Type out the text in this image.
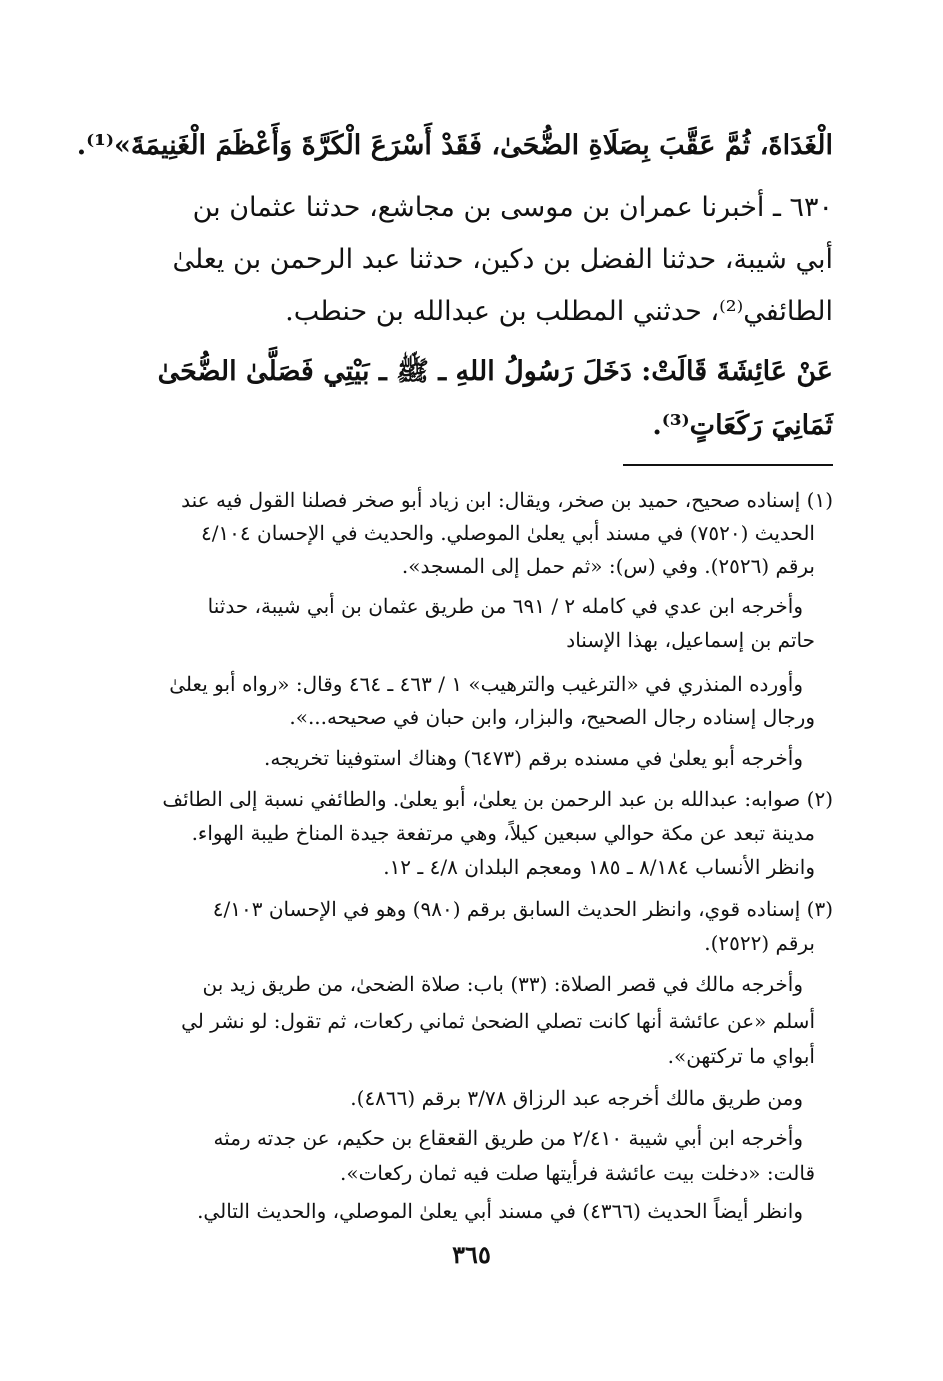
الْغَدَاةَ، ثُمَّ عَقَّبَ بِصَلَاةِ الضُّحَىٰ، فَقَدْ أَسْرَعَ الْكَرَّةَ وَأَعْظَمَ الْغَنِيمَةَ»⁽¹⁾.
٦٣٠ ـ أخبرنا عمران بن موسى بن مجاشع، حدثنا عثمان بن
أبي شيبة، حدثنا الفضل بن دكين، حدثنا عبد الرحمن بن يعلىٰ
الطائفي⁽²⁾، حدثني المطلب بن عبدالله بن حنطب.
عَنْ عَائِشَةَ قَالَتْ: دَخَلَ رَسُولُ اللهِ ـ ﷺ ـ بَيْتِي فَصَلَّىٰ الضُّحَىٰ
ثَمَانِيَ رَكَعَاتٍ⁽³⁾.
(١) إسناده صحيح، حميد بن صخر، ويقال: ابن زياد أبو صخر فصلنا القول فيه عند
الحديث (٧٥٢٠) في مسند أبي يعلىٰ الموصلي. والحديث في الإحسان ٤/١٠٤
برقم (٢٥٢٦). وفي (س): «ثم حمل إلى المسجد».
وأخرجه ابن عدي في كامله ٢ / ٦٩١ من طريق عثمان بن أبي شيبة، حدثنا
حاتم بن إسماعيل، بهذا الإسناد
وأورده المنذري في «الترغيب والترهيب» ١ / ٤٦٣ ـ ٤٦٤ وقال: «رواه أبو يعلىٰ
ورجال إسناده رجال الصحيح، والبزار، وابن حبان في صحيحه...».
وأخرجه أبو يعلىٰ في مسنده برقم (٦٤٧٣) وهناك استوفينا تخريجه.
(٢) صوابه: عبدالله بن عبد الرحمن بن يعلىٰ، أبو يعلىٰ. والطائفي نسبة إلى الطائف
مدينة تبعد عن مكة حوالي سبعين كيلاً، وهي مرتفعة جيدة المناخ طيبة الهواء.
وانظر الأنساب ٨/١٨٤ ـ ١٨٥ ومعجم البلدان ٤/٨ ـ ١٢.
(٣) إسناده قوي، وانظر الحديث السابق برقم (٩٨٠) وهو في الإحسان ٤/١٠٣
برقم (٢٥٢٢).
وأخرجه مالك في قصر الصلاة: (٣٣) باب: صلاة الضحىٰ، من طريق زيد بن
أسلم «عن عائشة أنها كانت تصلي الضحىٰ ثماني ركعات، ثم تقول: لو نشر لي
أبواي ما تركتهن».
ومن طريق مالك أخرجه عبد الرزاق ٣/٧٨ برقم (٤٨٦٦).
وأخرجه ابن أبي شيبة ٢/٤١٠ من طريق القعقاع بن حكيم، عن جدته رمثه
قالت: «دخلت بيت عائشة فرأيتها صلت فيه ثمان ركعات».
وانظر أيضاً الحديث (٤٣٦٦) في مسند أبي يعلىٰ الموصلي، والحديث التالي.
٣٦٥
